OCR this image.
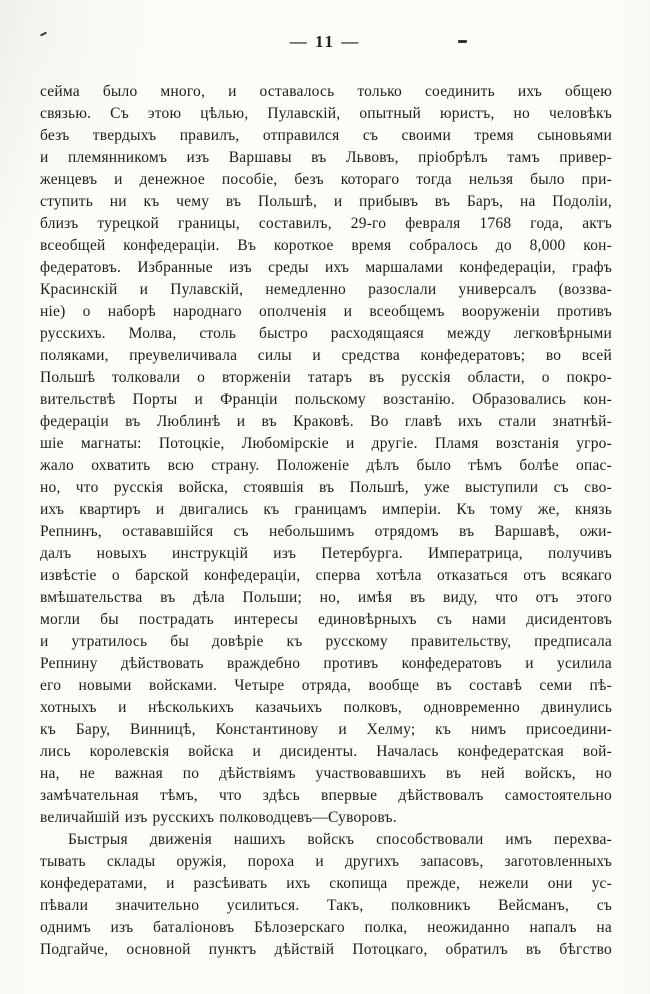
— 11 —
сейма было много, и оставалось только соединить ихъ общею
связью. Съ этою цѣлью, Пулавскій, опытный юристъ, но человѣкъ
безъ твердыхъ правилъ, отправился съ своими тремя сыновьями
и племянникомъ изъ Варшавы въ Львовъ, пріобрѣлъ тамъ привер-
женцевъ и денежное пособіе, безъ котораго тогда нельзя было при-
ступить ни къ чему въ Польшѣ, и прибывъ въ Баръ, на Подоліи,
близъ турецкой границы, составилъ, 29-го февраля 1768 года, актъ
всеобщей конфедераціи. Въ короткое время собралось до 8,000 кон-
федератовъ. Избранные изъ среды ихъ маршалами конфедераціи, графъ
Красинскій и Пулавскій, немедленно разослали универсалъ (воззва-
ніе) о наборѣ народнаго ополченія и всеобщемъ вооруженіи противъ
русскихъ. Молва, столь быстро расходящаяся между легковѣрными
поляками, преувеличивала силы и средства конфедератовъ; во всей
Польшѣ толковали о вторженіи татаръ въ русскія области, о покро-
вительствѣ Порты и Франціи польскому возстанію. Образовались кон-
федераціи въ Люблинѣ и въ Краковѣ. Во главѣ ихъ стали знатнѣй-
шіе магнаты: Потоцкіе, Любомірскіе и другіе. Пламя возстанія угро-
жало охватить всю страну. Положеніе дѣлъ было тѣмъ болѣе опас-
но, что русскія войска, стоявшія въ Польшѣ, уже выступили съ сво-
ихъ квартиръ и двигались къ границамъ имперіи. Къ тому же, князь
Репнинъ, остававшійся съ небольшимъ отрядомъ въ Варшавѣ, ожи-
далъ новыхъ инструкцій изъ Петербурга. Императрица, получивъ
извѣстіе о барской конфедераціи, сперва хотѣла отказаться отъ всякаго
вмѣшательства въ дѣла Польши; но, имѣя въ виду, что отъ этого
могли бы пострадать интересы единовѣрныхъ съ нами дисидентовъ
и утратилось бы довѣріе къ русскому правительству, предписала
Репнину дѣйствовать враждебно противъ конфедератовъ и усилила
его новыми войсками. Четыре отряда, вообще въ составѣ семи пѣ-
хотныхъ и нѣсколькихъ казачьихъ полковъ, одновременно двинулись
къ Бару, Винницѣ, Константинову и Хелму; къ нимъ присоедини-
лись королевскія войска и дисиденты. Началась конфедератская вой-
на, не важная по дѣйствіямъ участвовавшихъ въ ней войскъ, но
замѣчательная тѣмъ, что здѣсь впервые дѣйствовалъ самостоятельно
величайшій изъ русскихъ полководцевъ—Суворовъ.
Быстрыя движенія нашихъ войскъ способствовали имъ перехва-
тывать склады оружія, пороха и другихъ запасовъ, заготовленныхъ
конфедератами, и разсѣивать ихъ скопища прежде, нежели они ус-
пѣвали значительно усилиться. Такъ, полковникъ Вейсманъ, съ
однимъ изъ баталіоновъ Бѣлозерскаго полка, неожиданно напалъ на
Подгайче, основной пунктъ дѣйствій Потоцкаго, обратилъ въ бѣгство
